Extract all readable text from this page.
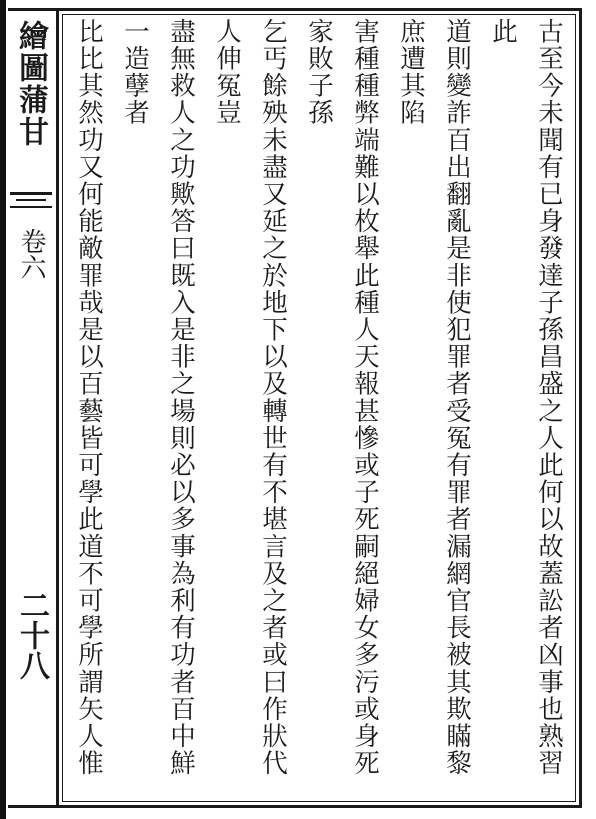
繪圖蒲甘
卷六
二十八	古至今未聞有已身發達子孫昌盛之人此何以故蓋訟者凶事也熟習此
道則變詐百出翻亂是非使犯罪者受冤有罪者漏網官長被其欺瞞黎庶遭其陷
害種種弊端難以枚舉此種人天報甚慘或子死嗣絕婦女多污或身死家敗子孫
乞丐餘殃未盡又延之於地下以及轉世有不堪言及之者或曰作狀代人伸冤豈
盡無救人之功歟答曰既入是非之場則必以多事為利有功者百中鮮一造孽者
比比其然功又何能敵罪哉是以百藝皆可學此道不可學所謂矢人惟
